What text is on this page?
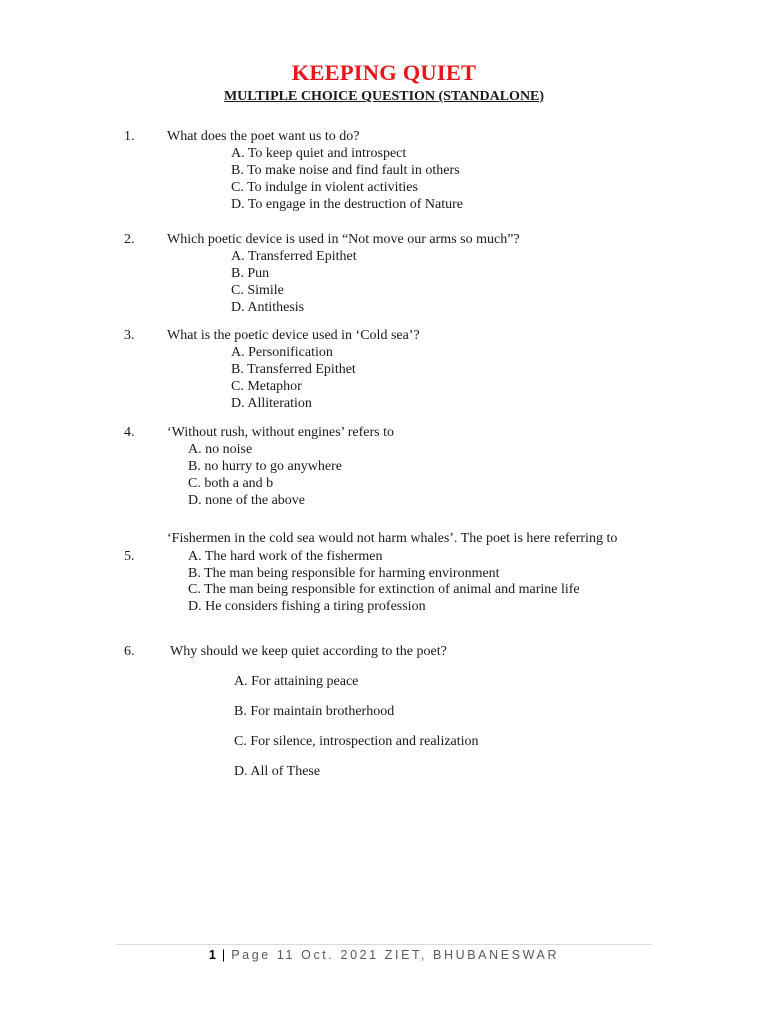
KEEPING QUIET
MULTIPLE CHOICE QUESTION (STANDALONE)
1. What does the poet want us to do?
A. To keep quiet and introspect
B. To make noise and find fault in others
C. To indulge in violent activities
D. To engage in the destruction of Nature
2. Which poetic device is used in “Not move our arms so much”?
A. Transferred Epithet
B. Pun
C. Simile
D. Antithesis
3. What is the poetic device used in ‘Cold sea’?
A. Personification
B. Transferred Epithet
C. Metaphor
D. Alliteration
4. ‘Without rush, without engines’ refers to
A. no noise
B. no hurry to go anywhere
C. both a and b
D. none of the above
‘Fishermen in the cold sea would not harm whales’. The poet is here referring to
5.	A. The hard work of the fishermen
B. The man being responsible for harming environment
C. The man being responsible for extinction of animal and marine life
D. He considers fishing a tiring profession
6.	Why should we keep quiet according to the poet?
A. For attaining peace
B. For maintain brotherhood
C. For silence, introspection and realization
D. All of These
1 | Page 11 Oct. 2021 ZIET, BHUBANESWAR
